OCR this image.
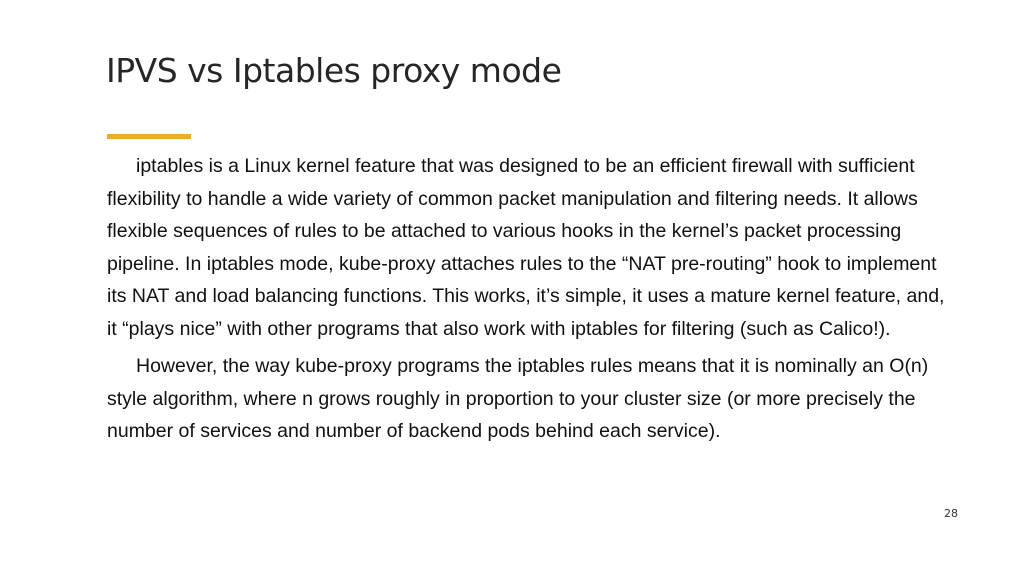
IPVS vs Iptables proxy mode

iptables is a Linux kernel feature that was designed to be an efficient firewall with sufficient flexibility to handle a wide variety of common packet manipulation and filtering needs. It allows flexible sequences of rules to be attached to various hooks in the kernel’s packet processing pipeline. In iptables mode, kube-proxy attaches rules to the “NAT pre-routing” hook to implement its NAT and load balancing functions. This works, it’s simple, it uses a mature kernel feature, and, it “plays nice” with other programs that also work with iptables for filtering (such as Calico!).

However, the way kube-proxy programs the iptables rules means that it is nominally an O(n) style algorithm, where n grows roughly in proportion to your cluster size (or more precisely the number of services and number of backend pods behind each service).

28
